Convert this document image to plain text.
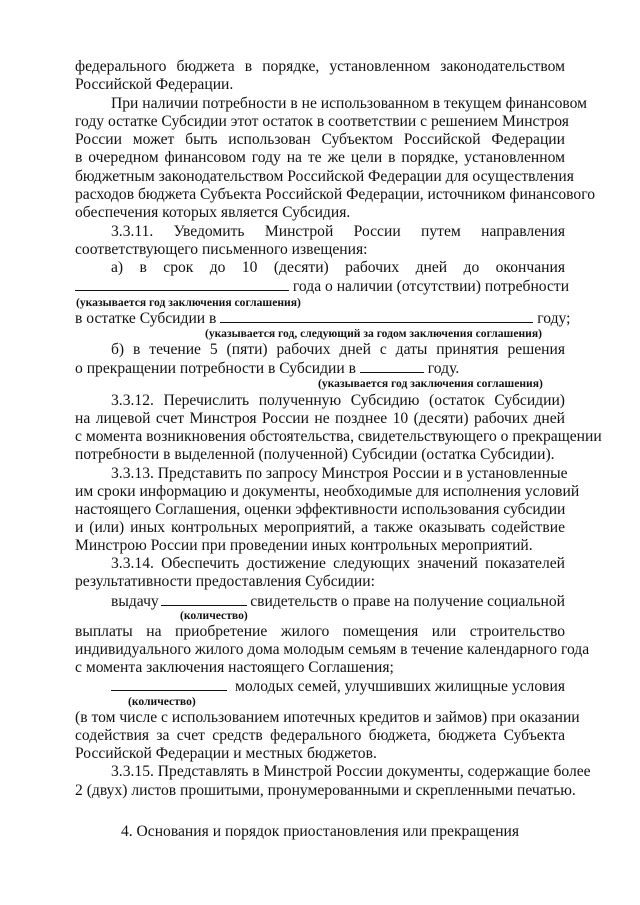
федерального бюджета в порядке, установленном законодательством
Российской Федерации.
При наличии потребности в не использованном в текущем финансовом
году остатке Субсидии этот остаток в соответствии с решением Минстроя
России может быть использован Субъектом Российской Федерации
в очередном финансовом году на те же цели в порядке, установленном
бюджетным законодательством Российской Федерации для осуществления
расходов бюджета Субъекта Российской Федерации, источником финансового
обеспечения которых является Субсидия.
3.3.11. Уведомить Минстрой России путем направления
соответствующего письменного извещения:
а) в срок до 10 (десяти) рабочих дней до окончания
года о наличии (отсутствии) потребности
(указывается год заключения соглашения)
в остатке Субсидии в	году;
(указывается год, следующий за годом заключения соглашения)
б) в течение 5 (пяти) рабочих дней с даты принятия решения
о прекращении потребности в Субсидии в	году.
(указывается год заключения соглашения)
3.3.12. Перечислить полученную Субсидию (остаток Субсидии)
на лицевой счет Минстроя России не позднее 10 (десяти) рабочих дней
с момента возникновения обстоятельства, свидетельствующего о прекращении
потребности в выделенной (полученной) Субсидии (остатка Субсидии).
3.3.13. Представить по запросу Минстроя России и в установленные
им сроки информацию и документы, необходимые для исполнения условий
настоящего Соглашения, оценки эффективности использования субсидии
и (или) иных контрольных мероприятий, а также оказывать содействие
Минстрою России при проведении иных контрольных мероприятий.
3.3.14. Обеспечить достижение следующих значений показателей
результативности предоставления Субсидии:
выдачу	свидетельств о праве на получение социальной
(количество)
выплаты на приобретение жилого помещения или строительство
индивидуального жилого дома молодым семьям в течение календарного года
с момента заключения настоящего Соглашения;
молодых семей, улучшивших жилищные условия
(количество)
(в том числе с использованием ипотечных кредитов и займов) при оказании
содействия за счет средств федерального бюджета, бюджета Субъекта
Российской Федерации и местных бюджетов.
3.3.15. Представлять в Минстрой России документы, содержащие более
2 (двух) листов прошитыми, пронумерованными и скрепленными печатью.
4. Основания и порядок приостановления или прекращения
